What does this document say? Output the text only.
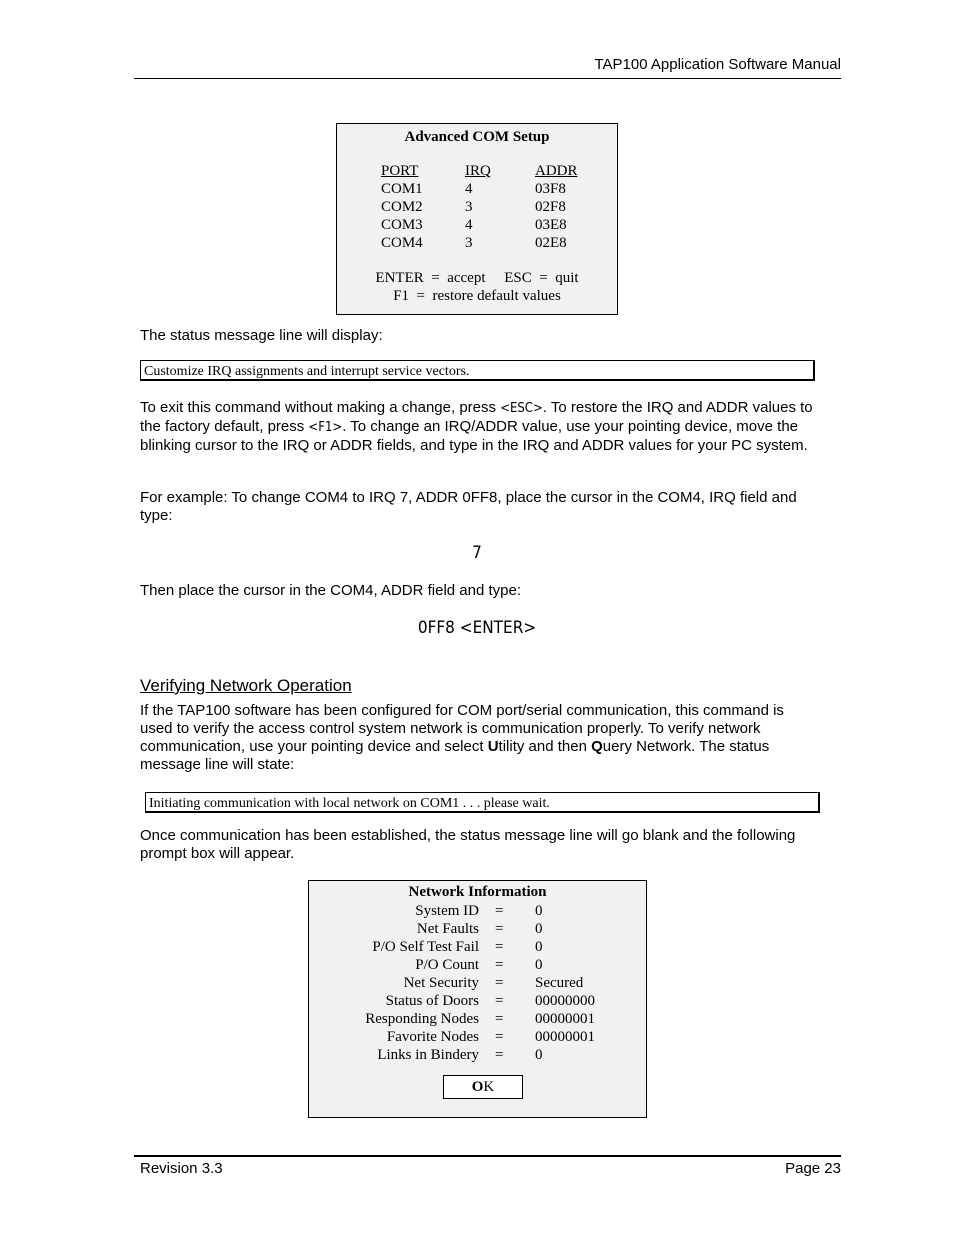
TAP100 Application Software Manual
Advanced COM Setup
PORT	IRQ	ADDR
COM1	4	03F8
COM2	3	02F8
COM3	4	03E8
COM4	3	02E8
ENTER  =  accept     ESC  =  quit
F1  =  restore default values
The status message line will display:
Customize IRQ assignments and interrupt service vectors.
To exit this command without making a change, press <ESC>. To restore the IRQ and ADDR values to the factory default, press <F1>. To change an IRQ/ADDR value, use your pointing device, move the blinking cursor to the IRQ or ADDR fields, and type in the IRQ and ADDR values for your PC system.
For example: To change COM4 to IRQ 7, ADDR 0FF8, place the cursor in the COM4, IRQ field and type:
7
Then place the cursor in the COM4, ADDR field and type:
0FF8 <ENTER>
Verifying Network Operation
If the TAP100 software has been configured for COM port/serial communication, this command is used to verify the access control system network is communication properly. To verify network communication, use your pointing device and select Utility and then Query Network. The status message line will state:
Initiating communication with local network on COM1 . . . please wait.
Once communication has been established, the status message line will go blank and the following prompt box will appear.
Network Information
System ID = 0
Net Faults = 0
P/O Self Test Fail = 0
P/O Count = 0
Net Security = Secured
Status of Doors = 00000000
Responding Nodes = 00000001
Favorite Nodes = 00000001
Links in Bindery = 0
OK
Revision 3.3	Page 23
